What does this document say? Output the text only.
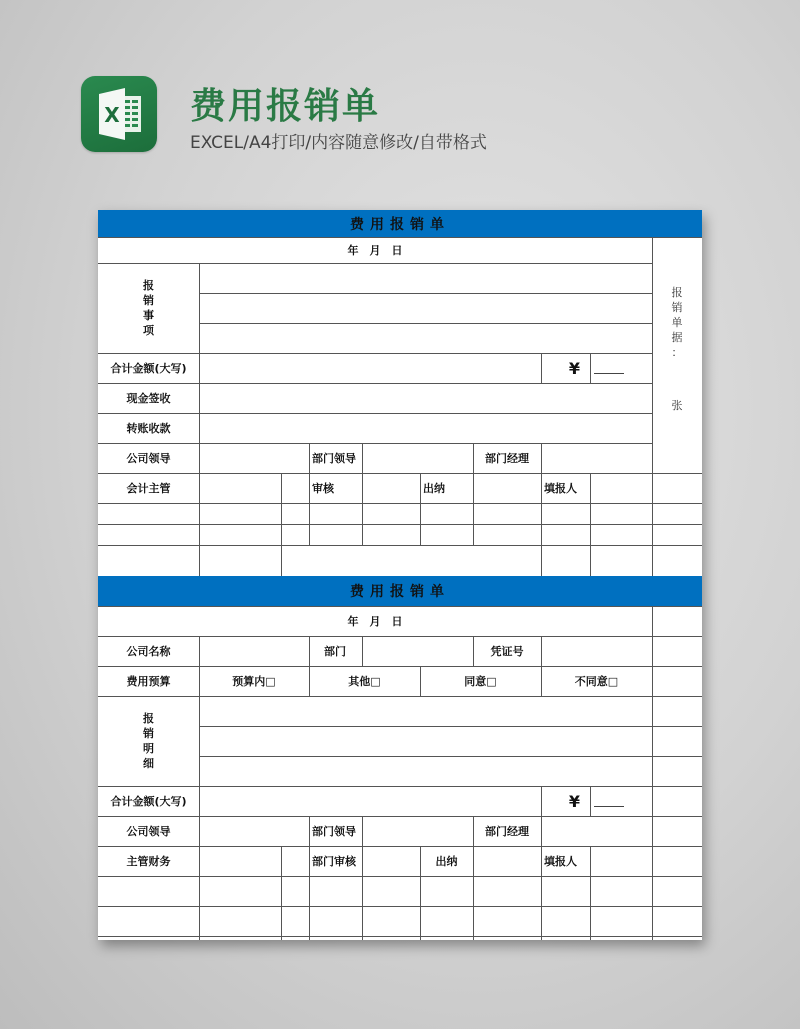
X 费用报销单
EXCEL/A4打印/内容随意修改/自带格式
费用报销单
年　月　日
报
销
事
项
合计金额(大写)	¥
现金签收
转账收款
公司领导	部门领导	部门经理
报
销
单
据
：
张
会计主管	审核	出纳	填报人
费用报销单
年　月　日
公司名称	部门	凭证号
费用预算	预算内□	其他□	同意□	不同意□
报
销
明
细
合计金额(大写)	¥
公司领导	部门领导	部门经理
主管财务	部门审核	出纳	填报人
